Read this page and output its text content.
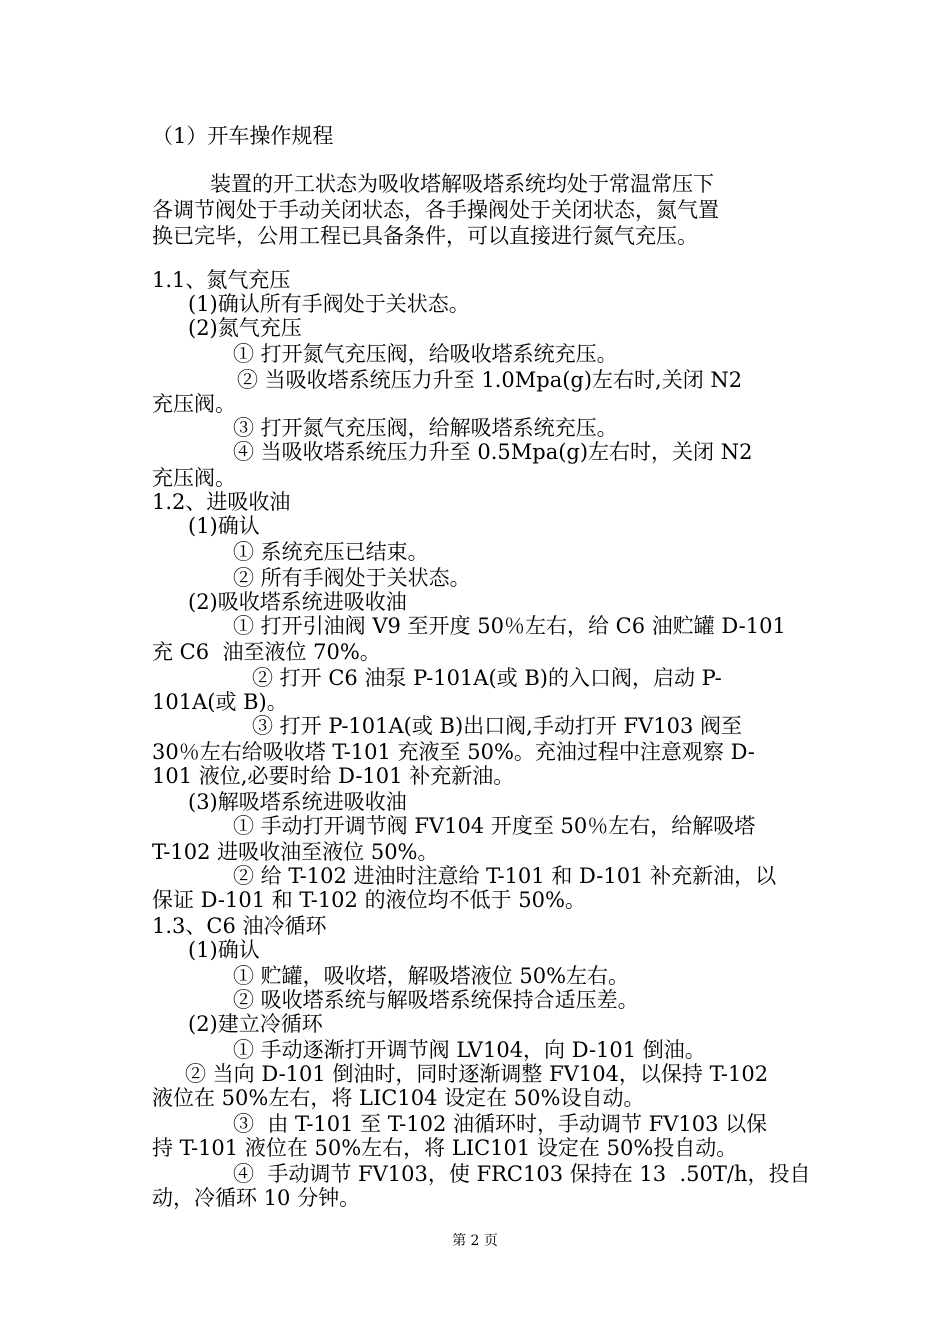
（1）开车操作规程
装置的开工状态为吸收塔解吸塔系统均处于常温常压下
各调节阀处于手动关闭状态，各手操阀处于关闭状态，氮气置
换已完毕，公用工程已具备条件，可以直接进行氮气充压。
1.1、氮气充压
(1)确认所有手阀处于关状态。
(2)氮气充压
① 打开氮气充压阀，给吸收塔系统充压。
② 当吸收塔系统压力升至 1.0Mpa(g)左右时,关闭 N2
充压阀。
③ 打开氮气充压阀，给解吸塔系统充压。
④ 当吸收塔系统压力升至 0.5Mpa(g)左右时，关闭 N2
充压阀。
1.2、进吸收油
(1)确认
① 系统充压已结束。
② 所有手阀处于关状态。
(2)吸收塔系统进吸收油
① 打开引油阀 V9 至开度 50％左右，给 C6 油贮罐 D-101
充 C6  油至液位 70%。
② 打开 C6 油泵 P-101A(或 B)的入口阀，启动 P-
101A(或 B)。
③ 打开 P-101A(或 B)出口阀,手动打开 FV103 阀至
30％左右给吸收塔 T-101 充液至 50%。充油过程中注意观察 D-
101 液位,必要时给 D-101 补充新油。
(3)解吸塔系统进吸收油
① 手动打开调节阀 FV104 开度至 50％左右，给解吸塔
T-102 进吸收油至液位 50%。
② 给 T-102 进油时注意给 T-101 和 D-101 补充新油，以
保证 D-101 和 T-102 的液位均不低于 50%。
1.3、C6 油冷循环
(1)确认
① 贮罐，吸收塔，解吸塔液位 50%左右。
② 吸收塔系统与解吸塔系统保持合适压差。
(2)建立冷循环
① 手动逐渐打开调节阀 LV104，向 D-101 倒油。
② 当向 D-101 倒油时，同时逐渐调整 FV104，以保持 T-102
液位在 50%左右，将 LIC104 设定在 50%设自动。
③  由 T-101 至 T-102 油循环时，手动调节 FV103 以保
持 T-101 液位在 50%左右，将 LIC101 设定在 50%投自动。
④  手动调节 FV103，使 FRC103 保持在 13  .50T/h，投自
动，冷循环 10 分钟。
第 2 页
